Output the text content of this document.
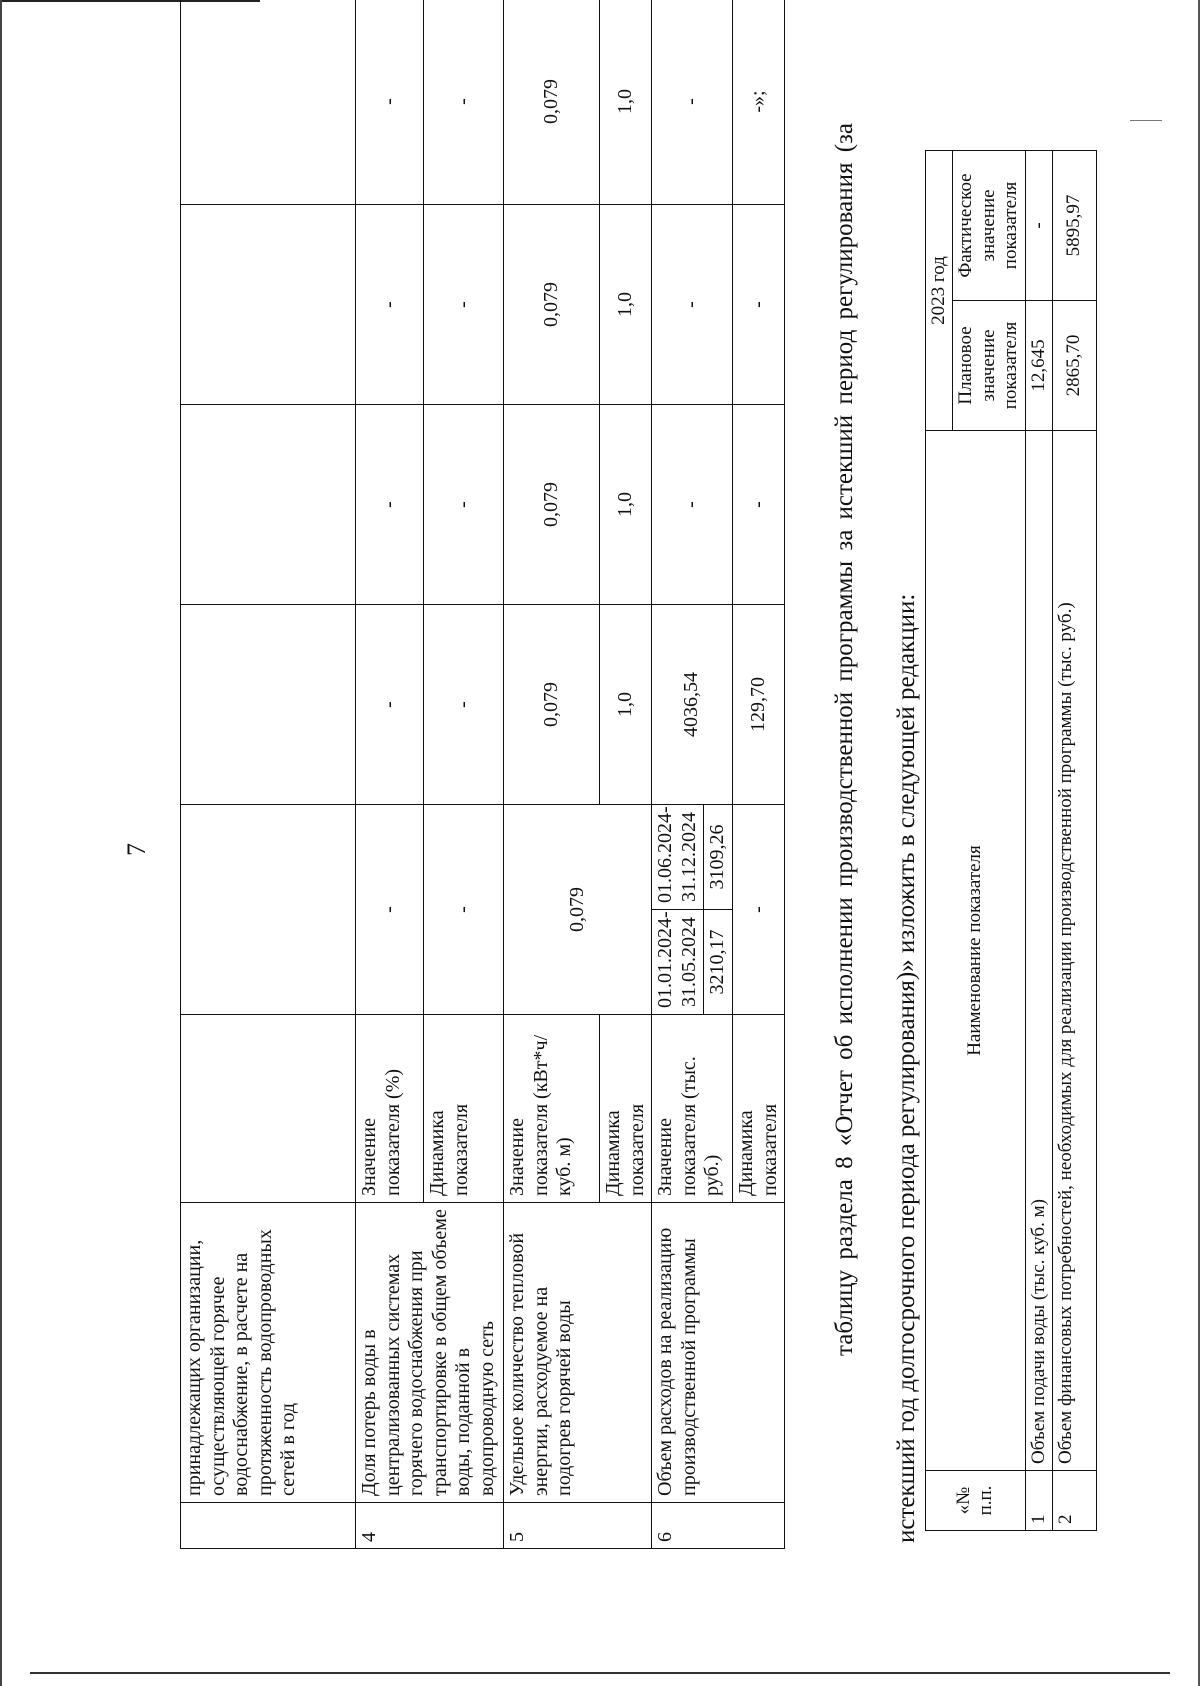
7
	принадлежащих организации, осуществляющей горячее водоснабжение, в расчете на протяженность водопроводных сетей в год							
4	Доля потерь воды в централизованных системах горячего водоснабжения при транспортировке в общем объеме воды, поданной в водопроводную сеть	Значение показателя (%)	-		-	-	-	-
		Динамика показателя	-		-	-	-	-
5	Удельное количество тепловой энергии, расходуемое на подогрев горячей воды	Значение показателя (кВт*ч/куб. м)	0,079		0,079	0,079	0,079	0,079
		Динамика показателя			1,0	1,0	1,0	1,0
6	Объем расходов на реализацию производственной программы	Значение показателя (тыс. руб.)	01.01.2024-31.05.2024	01.06.2024-31.12.2024	4036,54	-	-	-
			3210,17	3109,26				
		Динамика показателя	-		129,70	-	-	-»;
таблицу раздела 8 «Отчет об исполнении производственной программы за истекший период регулирования (за истекший год долгосрочного периода регулирования)» изложить в следующей редакции: «№ п.п.	Наименование показателя	2023 год	
		Плановое значение показателя	Фактическое значение показателя
1	Объем подачи воды (тыс. куб. м)	12,645	-
2	Объем финансовых потребностей, необходимых для реализации производственной программы (тыс. руб.)	2865,70	5895,97
